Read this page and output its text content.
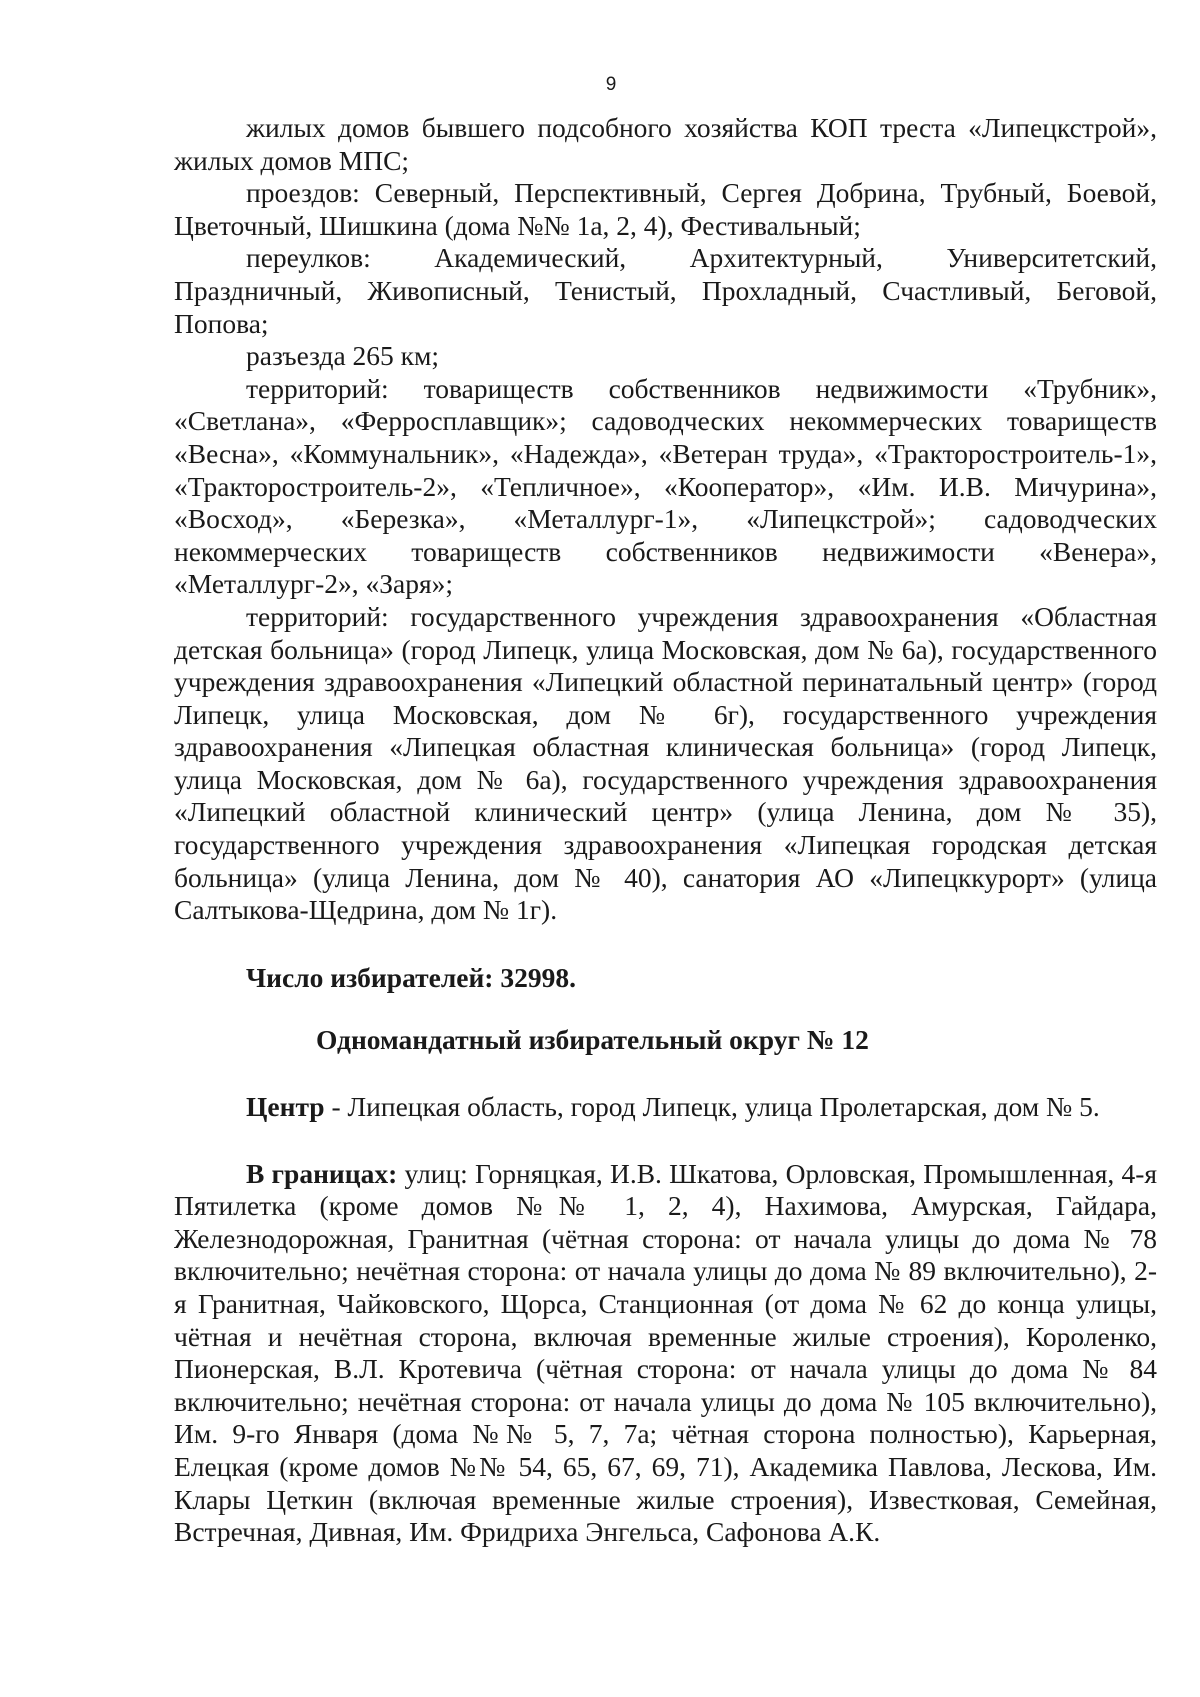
9

жилых домов бывшего подсобного хозяйства КОП треста «Липецкстрой», жилых домов МПС;

проездов: Северный, Перспективный, Сергея Добрина, Трубный, Боевой, Цветочный, Шишкина (дома №№ 1а, 2, 4), Фестивальный;

переулков: Академический, Архитектурный, Университетский, Праздничный, Живописный, Тенистый, Прохладный, Счастливый, Беговой, Попова;

разъезда 265 км;

территорий: товариществ собственников недвижимости «Трубник», «Светлана», «Ферросплавщик»; садоводческих некоммерческих товариществ «Весна», «Коммунальник», «Надежда», «Ветеран труда», «Тракторостроитель-1», «Тракторостроитель-2», «Тепличное», «Кооператор», «Им. И.В. Мичурина», «Восход», «Березка», «Металлург-1», «Липецкстрой»; садоводческих некоммерческих товариществ собственников недвижимости «Венера», «Металлург-2», «Заря»;

территорий: государственного учреждения здравоохранения «Областная детская больница» (город Липецк, улица Московская, дом № 6а), государственного учреждения здравоохранения «Липецкий областной перинатальный центр» (город Липецк, улица Московская, дом № 6г), государственного учреждения здравоохранения «Липецкая областная клиническая больница» (город Липецк, улица Московская, дом № 6а), государственного учреждения здравоохранения «Липецкий областной клинический центр» (улица Ленина, дом № 35), государственного учреждения здравоохранения «Липецкая городская детская больница» (улица Ленина, дом № 40), санатория АО «Липецккурорт» (улица Салтыкова-Щедрина, дом № 1г).

Число избирателей: 32998.

Одномандатный избирательный округ № 12

Центр - Липецкая область, город Липецк, улица Пролетарская, дом № 5.

В границах: улиц: Горняцкая, И.В. Шкатова, Орловская, Промышленная, 4-я Пятилетка (кроме домов №№ 1, 2, 4), Нахимова, Амурская, Гайдара, Железнодорожная, Гранитная (чётная сторона: от начала улицы до дома № 78 включительно; нечётная сторона: от начала улицы до дома № 89 включительно), 2-я Гранитная, Чайковского, Щорса, Станционная (от дома № 62 до конца улицы, чётная и нечётная сторона, включая временные жилые строения), Короленко, Пионерская, В.Л. Кротевича (чётная сторона: от начала улицы до дома № 84 включительно; нечётная сторона: от начала улицы до дома № 105 включительно), Им. 9-го Января (дома №№ 5, 7, 7а; чётная сторона полностью), Карьерная, Елецкая (кроме домов №№ 54, 65, 67, 69, 71), Академика Павлова, Лескова, Им. Клары Цеткин (включая временные жилые строения), Известковая, Семейная, Встречная, Дивная, Им. Фридриха Энгельса, Сафонова А.К.
